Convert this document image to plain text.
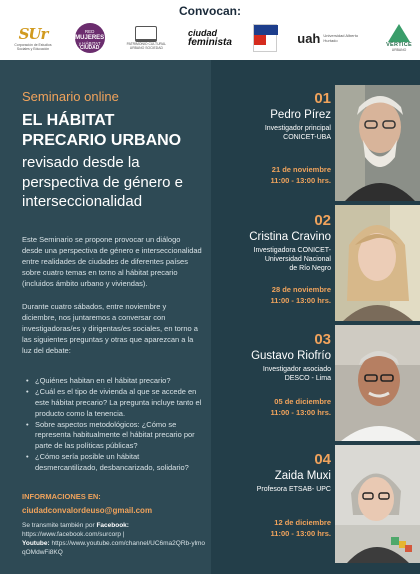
Convocan:
SUr
Corporación de Estudios Sociales y Educación
RED
MUJERES
y HÁBITAT
CIUDAD
PATRIMONIO CULTURAL URBANO SOCIEDAD
ciudad
feminista	uah Universidad Alberto Hurtado
VÉRTICE
URBANO
Seminario online
EL HÁBITAT
PRECARIO URBANO
revisado desde la perspectiva de género e interseccionalidad
Este Seminario se propone provocar un diálogo desde una perspectiva de género e interseccionalidad entre realidades de ciudades de diferentes países sobre cuatro temas en torno al hábitat precario (incluidos ámbito urbano y viviendas).
Durante cuatro sábados, entre noviembre y diciembre, nos juntaremos a conversar con investigadoras/es y dirigentas/es sociales, en torno a las siguientes preguntas y otras que aparezcan a la luz del debate:
• ¿Quiénes habitan en el hábitat precario?
• ¿Cuál es el tipo de vivienda al que se accede en este hábitat precario? La pregunta incluye tanto el producto como la tenencia.
• Sobre aspectos metodológicos: ¿Cómo se representa habitualmente el hábitat precario por parte de las políticas públicas?
• ¿Cómo sería posible un hábitat desmercantilizado, desbancarizado, solidario?
INFORMACIONES EN:
ciudadconvalordeuso@gmail.com
Se transmite también por Facebook:
https://www.facebook.com/surcorp |
Youtube: https://www.youtube.com/channel/UC6ma2QRb-ylmoqOMdwFi8KQ
01
Pedro Pírez
Investigador principal
CONICET-UBA
21 de noviembre
11:00 - 13:00 hrs.
02
Cristina Cravino
Investigadora CONICET-
Universidad Nacional
de Río Negro
28 de noviembre
11:00 - 13:00 hrs.
03
Gustavo Riofrío
Investigador asociado
DESCO - Lima
05 de diciembre
11:00 - 13:00 hrs.
04
Zaida Muxi
Profesora ETSAB- UPC
12 de diciembre
11:00 - 13:00 hrs.
